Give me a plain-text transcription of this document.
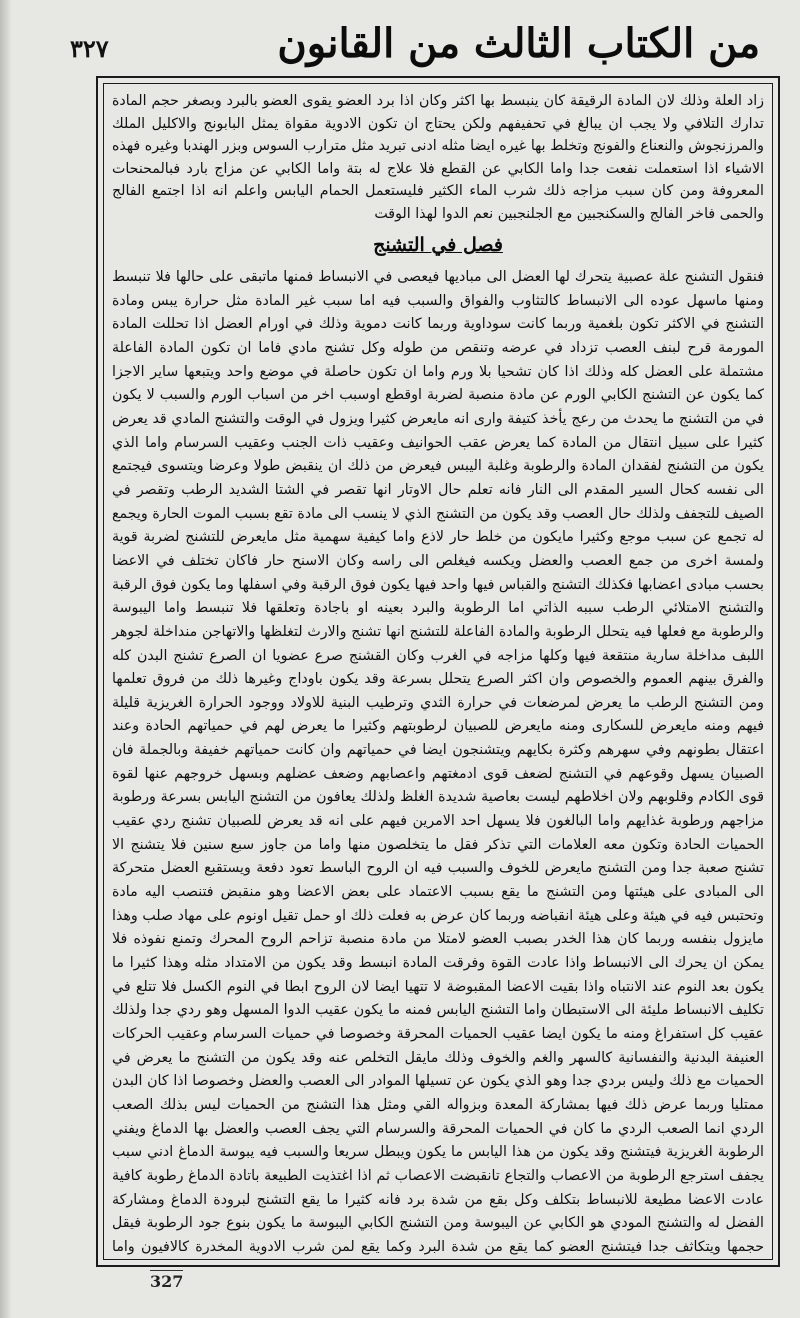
٣٢٧	من الكتاب الثالث من القانون
زاد العلة وذلك لان المادة الرقيقة كان ينبسط بها اكثر وكان اذا برد العضو يقوى العضو بالبرد وبصغر حجم المادة تدارك التلافي ولا يجب ان يبالغ في تحفيفهم ولكن يحتاج ان تكون الادوية مقواة يمثل البابونج والاكليل الملك والمرزنجوش والنعناع والفونج وتخلط بها غيره ايضا مثله ادنى تبريد مثل مترارب السوس وبزر الهندبا وغيره فهذه الاشياء اذا استعملت نفعت جدا واما الكابي عن القطع فلا علاج له بتة واما الكابي عن مزاج بارد فبالمحنحات المعروفة ومن كان سبب مزاجه ذلك شرب الماء الكثير فليستعمل الحمام اليابس واعلم انه اذا اجتمع الفالج والحمى فاخر الفالج والسكنجبين مع الجلنجبين نعم الدوا لهذا الوقت
فصل في التشنج
فنقول التشنج علة عصبية يتحرك لها العضل الى مباديها فيعصى في الانبساط فمنها ماتبقى على حالها فلا تنبسط ومنها ماسهل عوده الى الانبساط كالتثاوب والفواق والسبب فيه اما سبب غير المادة مثل حرارة يبس ومادة التشنج في الاكثر تكون بلغمية وربما كانت سوداوية وربما كانت دموية وذلك في اورام العضل اذا تحللت المادة المورمة قرح لبنف العصب تزداد في عرضه وتنقص من طوله وكل تشنج مادي فاما ان تكون المادة الفاعلة مشتملة على العضل كله وذلك اذا كان تشحيا بلا ورم واما ان تكون حاصلة في موضع واحد ويتبعها ساير الاجزا كما يكون عن التشنج الكابي الورم عن مادة منصبة لضربة اوقطع اوسبب اخر من اسباب الورم والسبب لا يكون في من التشنج ما يحدث من رعج يأخذ كتيفة وارى انه مايعرض كثيرا ويزول في الوقت والتشنج المادي قد يعرض كثيرا على سبيل انتقال من المادة كما يعرض عقب الحوانيف وعقيب ذات الجنب وعقيب السرسام واما الذي يكون من التشنج لفقدان المادة والرطوبة وغلبة اليبس فيعرض من ذلك ان ينقبض طولا وعرضا ويتسوى فيجتمع الى نفسه كحال السير المقدم الى النار فانه تعلم حال الاوتار انها تقصر في الشتا الشديد الرطب وتقصر في الصيف للتجفف ولذلك حال العصب وقد يكون من التشنج الذي لا ينسب الى مادة تقع بسبب الموت الحارة ويجمع له تجمع عن سبب موجع وكثيرا مايكون من خلط حار لاذع واما كيفية سهمية مثل مايعرض للتشنج لضربة قوية ولمسة اخرى من جمع العصب والعضل ويكسه فيغلص الى راسه وكان الاسنح حار فاكان تختلف في الاعضا بحسب مبادى اعضابها فكذلك التشنج والقباس فيها واحد فيها يكون فوق الرقبة وفي اسفلها وما يكون فوق الرقبة والتشنج الامتلائي الرطب سببه الذاتي اما الرطوبة والبرد بعينه او باجادة وتعلقها فلا تنبسط واما اليبوسة والرطوبة مع فعلها فيه يتحلل الرطوبة والمادة الفاعلة للتشنج انها تشنج والارث لتغلظها والاتهاجن منداخلة لجوهر اللبف مداخلة سارية منتقعة فيها وكلها مزاجه في الغرب وكان القشنج صرع عضويا ان الصرع تشنج البدن كله والفرق بينهم العموم والخصوص وان اكثر الصرع يتحلل بسرعة وقد يكون باوداج وغيرها ذلك من فروق تعلمها ومن التشنج الرطب ما يعرض لمرضعات في حرارة الثدي وترطيب البنية للاولاد ووجود الحرارة الغريزية قليلة فيهم ومنه مايعرض للسكارى ومنه مايعرض للصبيان لرطوبتهم وكثيرا ما يعرض لهم في حمياتهم الحادة وعند اعتقال بطونهم وفي سهرهم وكثرة بكايهم ويتشنجون ايضا في حمياتهم وان كانت حمياتهم خفيفة وبالجملة فان الصبيان يسهل وقوعهم في التشنج لضعف قوى ادمغتهم واعصابهم وضعف عضلهم وبسهل خروجهم عنها لقوة قوى الكادم وقلوبهم ولان اخلاطهم ليست بعاصية شديدة الغلظ ولذلك يعافون من التشنج اليابس بسرعة ورطوبة مزاجهم ورطوبة غذايهم واما البالغون فلا يسهل احد الامرين فيهم على انه قد يعرض للصبيان تشنج ردي عقيب الحميات الحادة وتكون معه العلامات التي تذكر فقل ما يتخلصون منها واما من جاوز سبع سنين فلا يتشنج الا تشنج صعبة جدا ومن التشنج مايعرض للخوف والسبب فيه ان الروح الباسط تعود دفعة ويستقبع العضل متحركة الى المبادى على هيئتها ومن التشنج ما يقع بسبب الاعتماد على بعض الاعضا وهو منقبض فتنصب اليه مادة وتحتبس فيه في هيئة وعلى هيئة انقباضه وربما كان عرض به فعلت ذلك او حمل تقيل اونوم على مهاد صلب وهذا مايزول بنفسه وربما كان هذا الخدر بصبب العضو لامتلا من مادة منصبة تزاحم الروح المحرك وتمنع نفوذه فلا يمكن ان يحرك الى الانبساط واذا عادت القوة وفرقت المادة انبسط وقد يكون من الامتداد مثله وهذا كثيرا ما يكون بعد النوم عند الانتباه واذا بقيت الاعضا المقبوضة لا تتهيا ايضا لان الروح ابطا في النوم الكسل فلا تتلع في تكليف الانبساط مليئة الى الاستبطان واما التشنج اليابس فمنه ما يكون عقيب الدوا المسهل وهو ردي جدا ولذلك عقيب كل استفراغ ومنه ما يكون ايضا عقيب الحميات المحرقة وخصوصا في حميات السرسام وعقيب الحركات العنيفة البدنية والنفسانية كالسهر والغم والخوف وذلك مايقل التخلص عنه وقد يكون من التشنج ما يعرض في الحميات مع ذلك وليس بردي جدا وهو الذي يكون عن تسيلها الموادر الى العصب والعضل وخصوصا اذا كان البدن ممتليا وربما عرض ذلك فيها بمشاركة المعدة وبزواله القي ومثل هذا التشنج من الحميات ليس بذلك الصعب الردي انما الصعب الردي ما كان في الحميات المحرقة والسرسام التي يجف العصب والعضل بها الدماغ ويفني الرطوبة الغريزية فيتشنج وقد يكون من هذا اليابس ما يكون ويبطل سريعا والسبب فيه يبوسة الدماغ ادني سبب يجفف استرجع الرطوبة من الاعصاب والتجاع تانقبضت الاعصاب ثم اذا اغتذيت الطبيعة باتادة الدماغ رطوبة كافية عادت الاعضا مطيعة للانبساط بتكلف وكل بقع من شدة برد فانه كثيرا ما يقع التشنج لبرودة الدماغ ومشاركة الفضل له والتشنج المودي هو الكابي عن اليبوسة ومن التشنج الكابي اليبوسة ما يكون بنوع جود الرطوبة فيقل حجمها ويتكاثف جدا فيتشنج العضو كما يقع من شدة البرد وكما يقع لمن شرب الادوية المخدرة كالافيون واما
327
